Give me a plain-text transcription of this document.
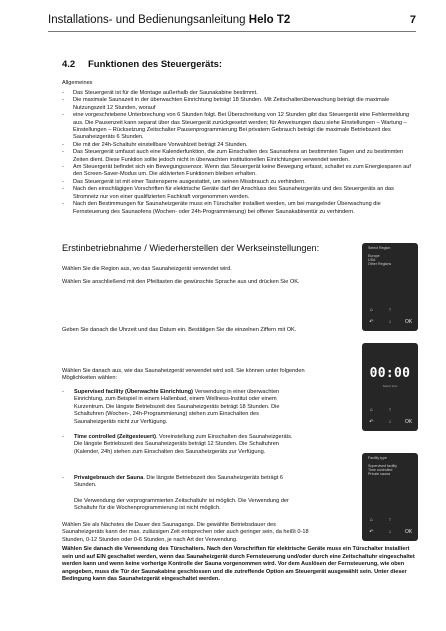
Installations- und Bedienungsanleitung Helo T2	7
4.2 Funktionen des Steuergeräts:
Allgemeines
- Das Steuergerät ist für die Montage außerhalb der Saunakabine bestimmt.
- Die maximale Saunazeit in der überwachten Einrichtung beträgt 18 Stunden. Mit Zeitschalterüberwachung beträgt die maximale Nutzungszeit 12 Stunden, worauf
- eine vorgeschriebene Unterbrechung von 6 Stunden folgt. Bei Überschreitung von 12 Stunden gibt das Steuergerät eine Fehlermeldung aus. Die Pausenzeit kann separat über das Steuergerät zurückgesetzt werden; für Anweisungen dazu siehe Einstellungen – Wartung – Einstellungen – Rücksetzung Zeitschalter Pausenprogrammierung Bei privatem Gebrauch beträgt die maximale Betriebszeit des Saunaheizgeräts 6 Stunden.
- Die mit der 24h-Schaltuhr einstellbare Vorwahlzeit beträgt 24 Stunden.
- Das Steuergerät umfasst auch eine Kalenderfunktion, die zum Einschalten des Saunaofens an bestimmten Tagen und zu bestimmten Zeiten dient. Diese Funktion sollte jedoch nicht in überwachten institutionellen Einrichtungen verwendet werden.
- Am Steuergerät befindet sich ein Bewegungssensor. Wenn das Steuergerät keine Bewegung erfasst, schaltet es zum Energiesparen auf den Screen-Saver-Modus um. Die aktivierten Funktionen bleiben erhalten.
- Das Steuergerät ist mit einer Tastensperre ausgestattet, um seinen Missbrauch zu verhindern.
- Nach den einschlägigen Vorschriften für elektrische Geräte darf der Anschluss des Saunaheizgeräts und des Steuergeräts an das Stromnetz nur von einer qualifizierten Fachkraft vorgenommen werden.
- Nach den Bestimmungen für Saunaheizgeräte muss ein Türschalter installiert werden, um bei mangelnder Überwachung die Fernsteuerung des Saunaofens (Wochen- oder 24h-Programmierung) bei offener Saunakabinentür zu verhindern.
Erstinbetriebnahme / Wiederherstellen der Werkseinstellungen:
Wählen Sie die Region aus, wo das Saunaheizgerät verwendet wird.
Wählen Sie anschließend mit den Pfeiltasten die gewünschte Sprache aus und drücken Sie OK.
Geben Sie danach die Uhrzeit und das Datum ein. Bestätigen Sie die einzelnen Ziffern mit OK.
Wählen Sie danach aus, wie das Saunaheizgerät verwendet wird soll. Sie können unter folgenden Möglichkeiten wählen:
- Supervised facility (Überwachte Einrichtung) Verwendung in einer überwachten Einrichtung, zum Beispiel in einem Hallenbad, einem Wellness-Institut oder einem Kurzentrum. Die längste Betriebszeit des Saunaheizgeräts beträgt 18 Stunden. Die Schaltuhren (Wochen-, 24h-Programmierung) stehen zum Einschalten des Saunaheizgeräts nicht zur Verfügung.
- Time controlled (Zeitgesteuert). Voreinstellung zum Einschalten des Saunaheizgeräts. Die längste Betriebszeit des Saunaheizgeräts beträgt 12 Stunden. Die Schaltuhren (Kalender, 24h) stehen zum Einschalten des Saunaheizgeräts zur Verfügung.
- Privatgebrauch der Sauna. Die längste Betriebszeit des Saunaheizgeräts beträgt 6 Stunden.
Die Verwendung der vorprogrammierten Zeitschaltuhr ist möglich. Die Verwendung der Schaltuhr für die Wochenprogrammierung ist nicht möglich.
Wählen Sie als Nächstes die Dauer des Saunagangs. Die gewählte Betriebsdauer des Saunaheizgeräts kann der max. zulässigen Zeit entsprechen oder auch geringer sein, da heißt 0-18 Stunden, 0-12 Stunden oder 0-6 Stunden, je nach Art der Verwendung.
Wählen Sie danach die Verwendung des Türschalters. Nach den Vorschriften für elektrische Geräte muss ein Türschalter installiert sein und auf EIN geschaltet werden, wenn das Saunaheizgerät durch Fernsteuerung und/oder durch eine Zeitschaltuhr eingeschaltet werden kann und wenn keine vorherige Kontrolle der Sauna vorgenommen wird. Vor dem Auslösen der Fernsteuerung, wie oben angegeben, muss die Tür der Saunakabine geschlossen und die zutreffende Option am Steuergerät ausgewählt sein. Unter dieser Bedingung kann das Saunaheizgerät eingeschaltet werden.
Select Region
Europe
USA
Other Regions
⌂	↑
↶	↓	OK
00:00
Select time
⌂	↑
↶	↓	OK
Facility type
Supervised facility
Time controlled
Private sauna
⌂	↑
↶	↓	OK
